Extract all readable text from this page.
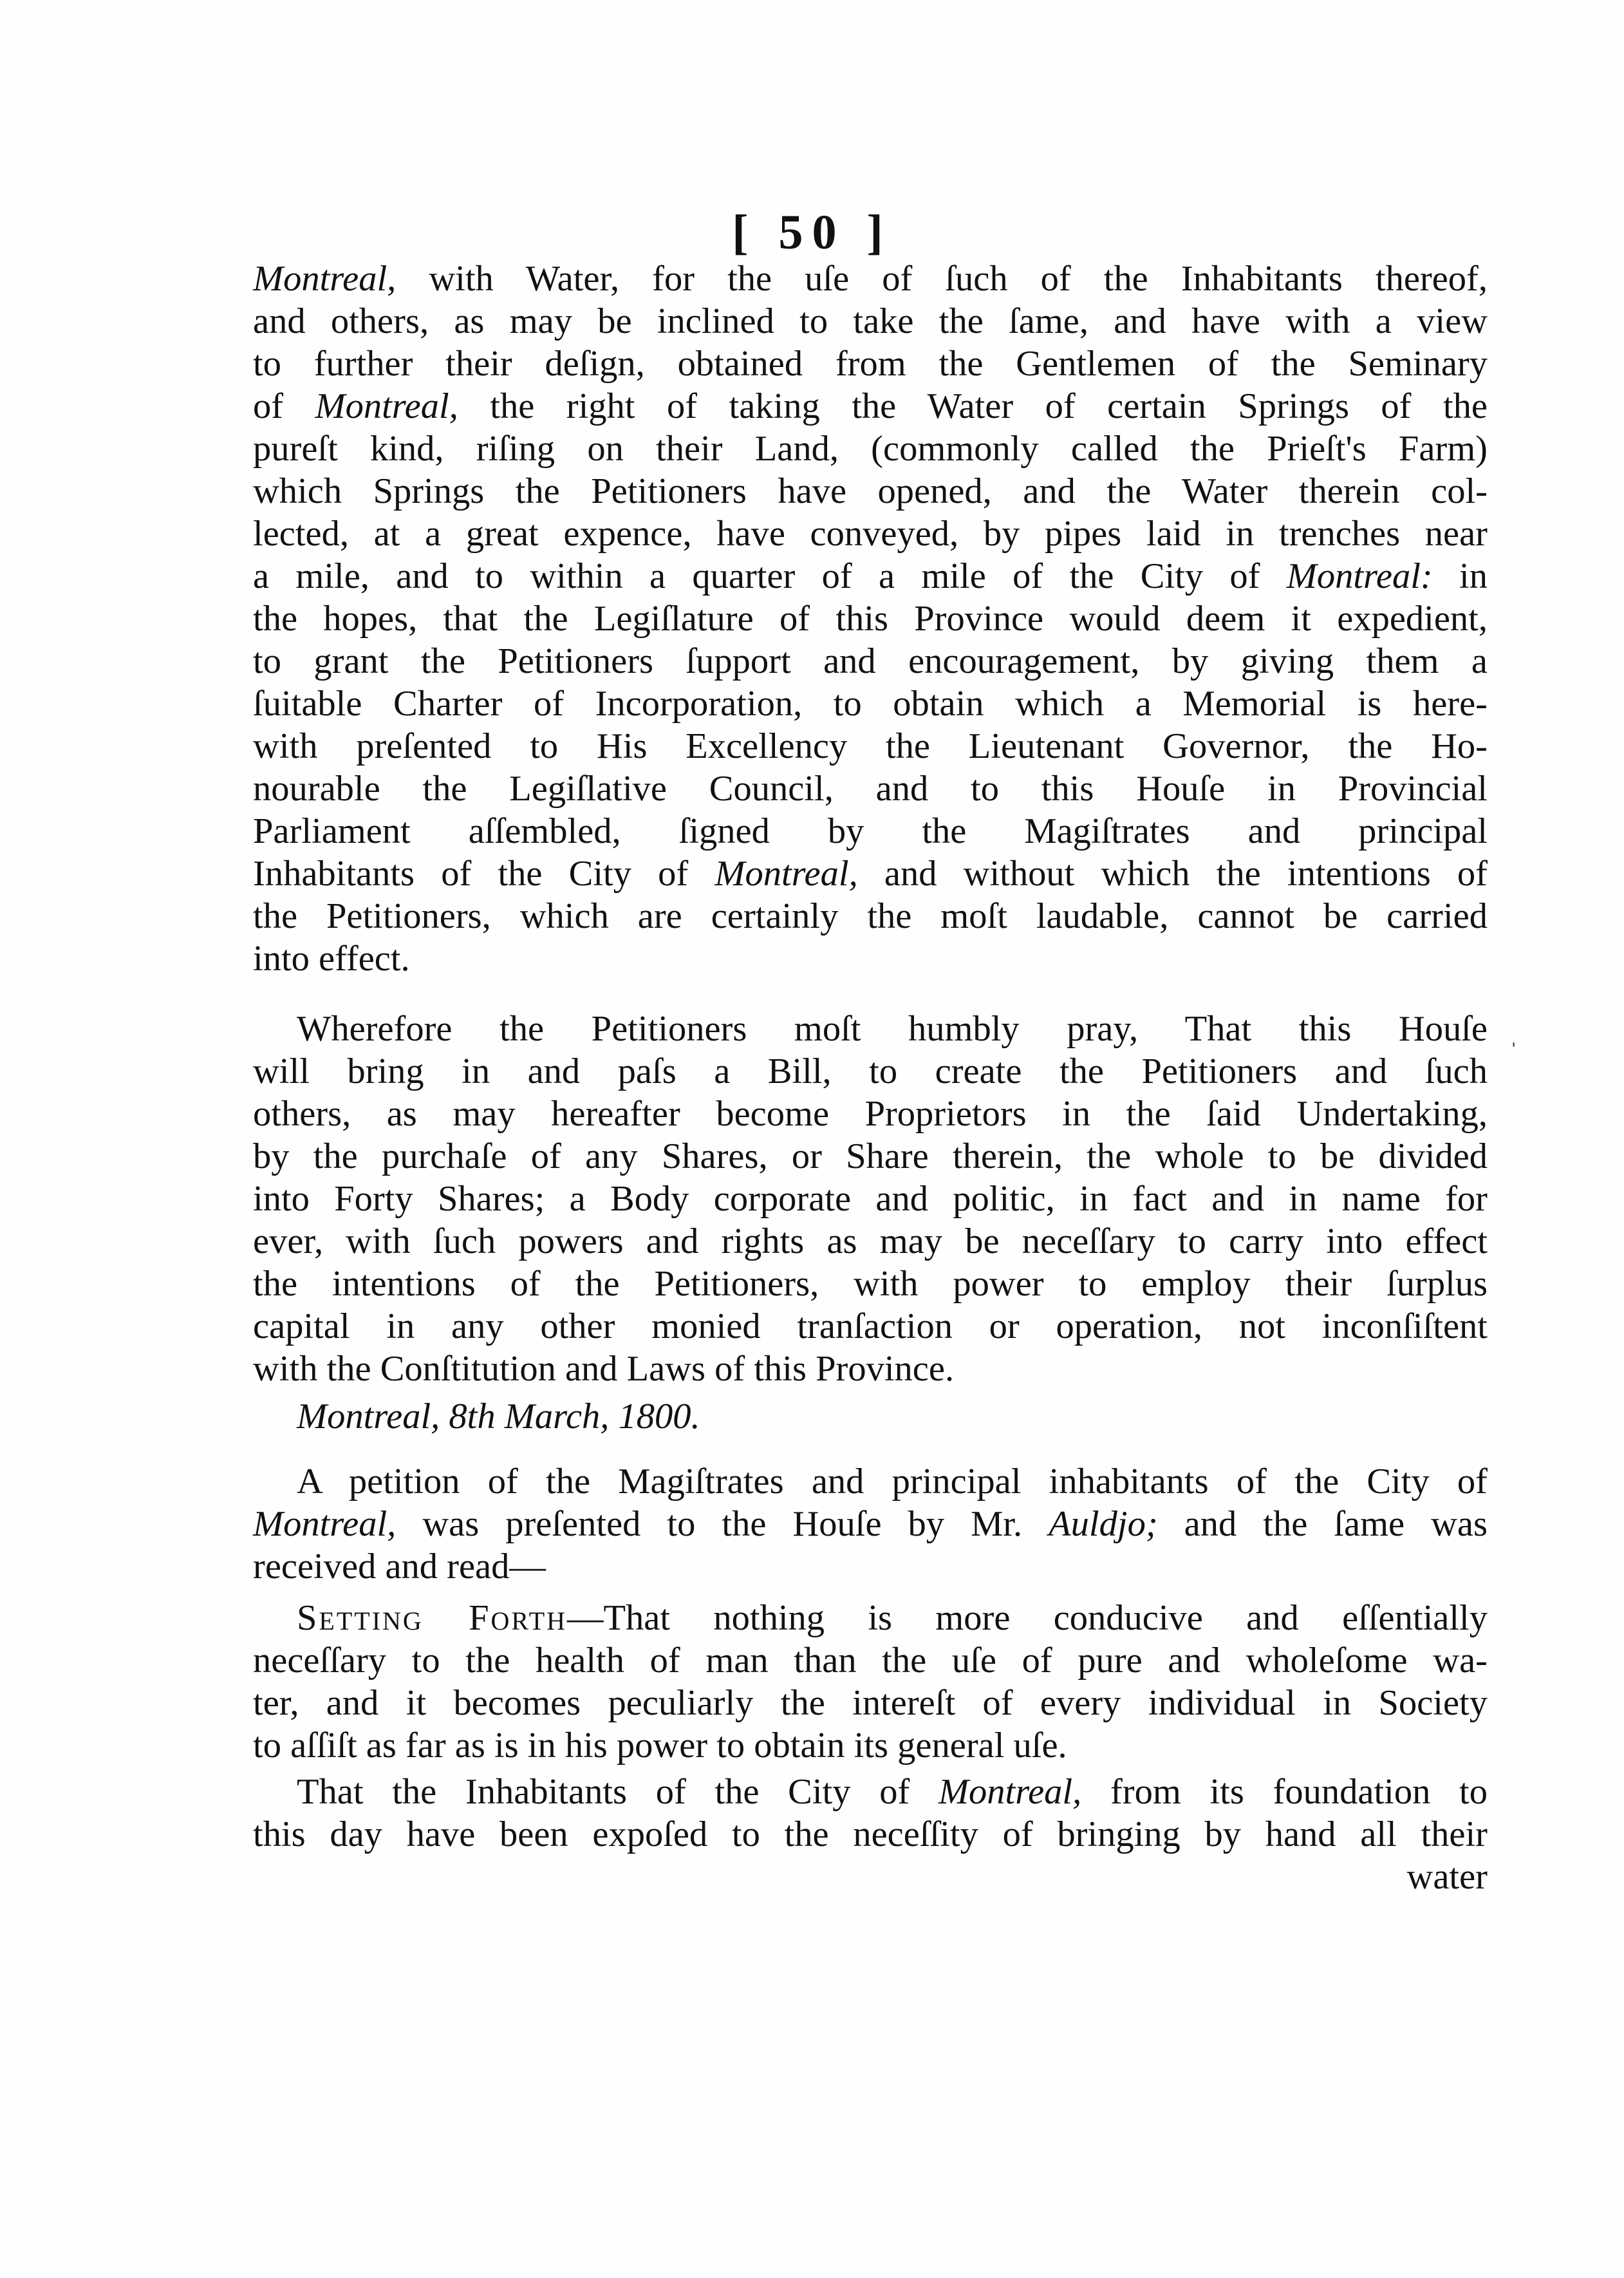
[ 50 ]
Montreal, with Water, for the uſe of ſuch of the Inhabitants thereof,
and others, as may be inclined to take the ſame, and have with a view
to further their deſign, obtained from the Gentlemen of the Seminary
of Montreal, the right of taking the Water of certain Springs of the
pureſt kind, riſing on their Land, (commonly called the Prieſt's Farm)
which Springs the Petitioners have opened, and the Water therein col-
lected, at a great expence, have conveyed, by pipes laid in trenches near
a mile, and to within a quarter of a mile of the City of Montreal: in
the hopes, that the Legiſlature of this Province would deem it expedient,
to grant the Petitioners ſupport and encouragement, by giving them a
ſuitable Charter of Incorporation, to obtain which a Memorial is here-
with preſented to His Excellency the Lieutenant Governor, the Ho-
nourable the Legiſlative Council, and to this Houſe in Provincial
Parliament aſſembled, ſigned by the Magiſtrates and principal
Inhabitants of the City of Montreal, and without which the intentions of
the Petitioners, which are certainly the moſt laudable, cannot be carried
into effect.
Wherefore the Petitioners moſt humbly pray, That this Houſe
will bring in and paſs a Bill, to create the Petitioners and ſuch
others, as may hereafter become Proprietors in the ſaid Undertaking,
by the purchaſe of any Shares, or Share therein, the whole to be divided
into Forty Shares; a Body corporate and politic, in fact and in name for
ever, with ſuch powers and rights as may be neceſſary to carry into effect
the intentions of the Petitioners, with power to employ their ſurplus
capital in any other monied tranſaction or operation, not inconſiſtent
with the Conſtitution and Laws of this Province.
Montreal, 8th March, 1800.
A petition of the Magiſtrates and principal inhabitants of the City of
Montreal, was preſented to the Houſe by Mr. Auldjo; and the ſame was
received and read—
Setting Forth—That nothing is more conducive and eſſentially
neceſſary to the health of man than the uſe of pure and wholeſome wa-
ter, and it becomes peculiarly the intereſt of every individual in Society
to aſſiſt as far as is in his power to obtain its general uſe.
That the Inhabitants of the City of Montreal, from its foundation to
this day have been expoſed to the neceſſity of bringing by hand all their
water
ˌ
